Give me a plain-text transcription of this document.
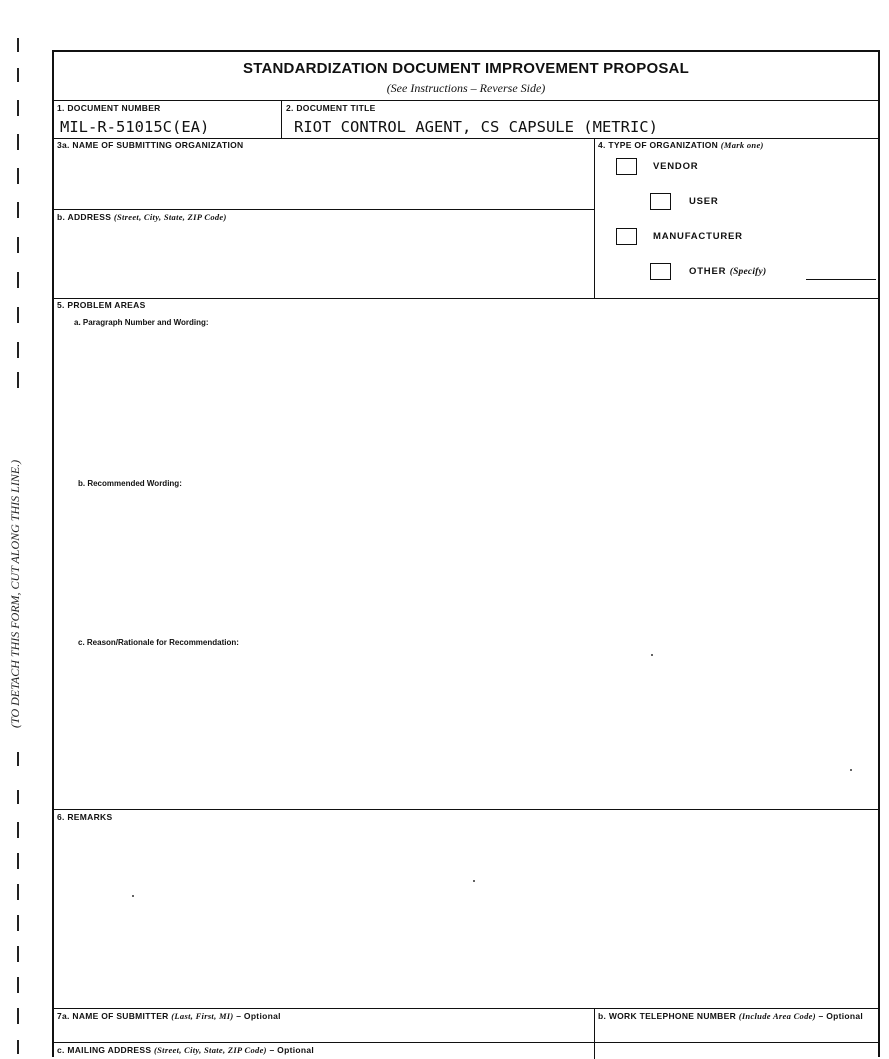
(TO DETACH THIS FORM, CUT ALONG THIS LINE.)
STANDARDIZATION DOCUMENT IMPROVEMENT PROPOSAL
(See Instructions – Reverse Side)
1. DOCUMENT NUMBER
MIL-R-51015C(EA)
2. DOCUMENT TITLE
RIOT CONTROL AGENT, CS CAPSULE (METRIC)
3a. NAME OF SUBMITTING ORGANIZATION
b. ADDRESS (Street, City, State, ZIP Code)
4. TYPE OF ORGANIZATION (Mark one)
VENDOR
USER
MANUFACTURER
OTHER (Specify)
5. PROBLEM AREAS
a. Paragraph Number and Wording:
b. Recommended Wording:
c. Reason/Rationale for Recommendation:
6. REMARKS
7a. NAME OF SUBMITTER (Last, First, MI) – Optional	b. WORK TELEPHONE NUMBER (Include Area Code) – Optional
c. MAILING ADDRESS (Street, City, State, ZIP Code) – Optional
